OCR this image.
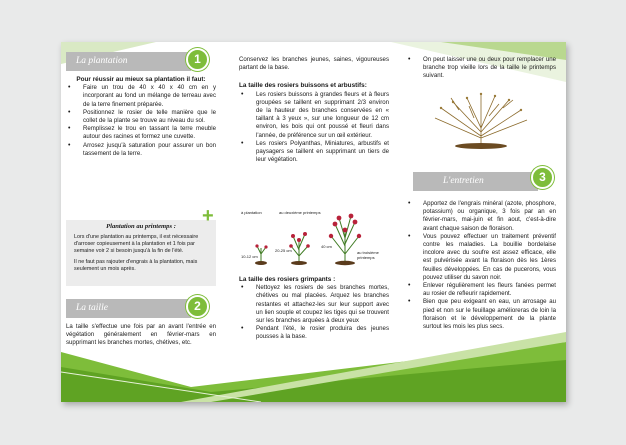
La plantation	1

Pour réussir au mieux sa plantation il faut:

• Faire un trou de 40 x 40 x 40 cm en y incorporant au fond un mélange de terreau avec de la terre finement préparée.

• Positionnez le rosier de telle manière que le collet de la plante se trouve au niveau du sol.

• Remplissez le trou en tassant la terre meuble autour des racines et formez une cuvette.

• Arrosez jusqu'à saturation pour assurer un bon tassement de la terre.

Plantation au printemps :

Lors d'une plantation au printemps, il est nécessaire d'arroser copieusement à la plantation et 1 fois par semaine voir 2 si besoin jusqu'à la fin de l'été.

Il ne faut pas rajouter d'engrais à la plantation, mais seulement un mois après.

+
La taille	2
La taille s'effectue une fois par an avant l'entrée en végétation généralement en février-mars en supprimant les branches mortes, chétives, etc.

Conservez les branches jeunes, saines, vigoureuses partant de la base.

La taille des rosiers buissons et arbustifs:

• Les rosiers buissons à grandes fleurs et à fleurs groupées se taillent en supprimant 2/3 environ de la hauteur des branches conservées en « taillant à 3 yeux », sur une longueur de 12 cm environ, les bois qui ont poussé et fleuri dans l'année, de préférence sur un œil extérieur.

• Les rosiers Polyanthas, Miniatures, arbustifs et paysagers se taillent en supprimant un tiers de leur végétation.

à plantation	au deuxième printemps
au troisième printemps
10-12 cm
20-25 cm
40 cm

La taille des rosiers grimpants :

• Nettoyez les rosiers de ses branches mortes, chétives ou mal placées. Arquez les branches restantes et attachez-les sur leur support avec un lien souple et coupez les tiges qui se trouvent sur les branches arquées à deux yeux

• Pendant l'été, le rosier produira des jeunes pousses à la base.

• On peut laisser une ou deux pour remplacer une branche trop vieille lors de la taille le printemps suivant.

L'entretien	3

• Apportez de l'engrais minéral (azote, phosphore, potassium) ou organique, 3 fois par an en février-mars, mai-juin et fin aout, c'est-à-dire avant chaque saison de floraison.

• Vous pouvez effectuer un traitement préventif contre les maladies. La bouillie bordelaise incolore avec du soufre est assez efficace, elle est pulvérisée avant la floraison dès les 1ères feuilles développées. En cas de pucerons, vous pouvez utiliser du savon noir.

• Enlever régulièrement les fleurs fanées permet au rosier de refleurir rapidement.

• Bien que peu exigeant en eau, un arrosage au pied et non sur le feuillage amélioreras de loin la floraison et le développement de la plante surtout les mois les plus secs.
